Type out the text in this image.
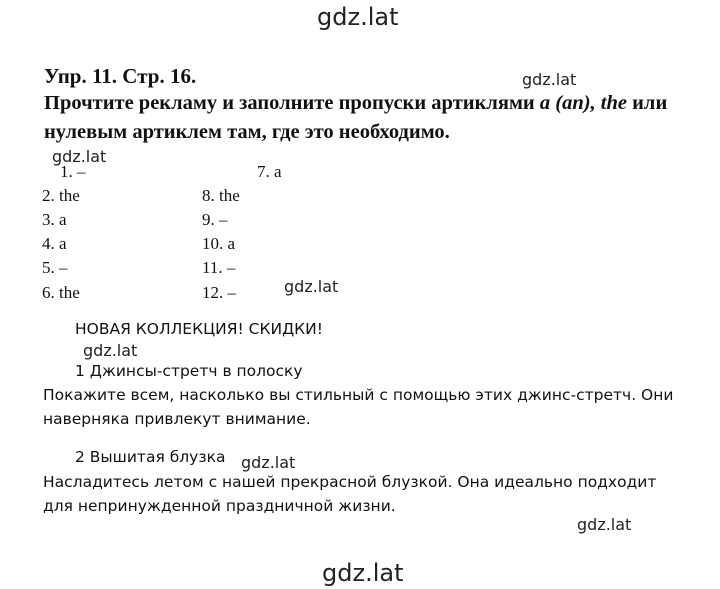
gdz.lat
gdz.lat
gdz.lat
gdz.lat
gdz.lat
gdz.lat
gdz.lat
gdz.lat
Упр. 11. Стр. 16.
Прочтите рекламу и заполните пропуски артиклями a (an), the или нулевым артиклем там, где это необходимо.
1. –
2. the
3. a
4. a
5. –
6. the
7. a
8. the
9. –
10. a
11. –
12. –
НОВАЯ КОЛЛЕКЦИЯ! СКИДКИ!
1 Джинсы-стретч в полоску
Покажите всем, насколько вы стильный с помощью этих джинс-стретч. Они наверняка привлекут внимание.
2 Вышитая блузка
Насладитесь летом с нашей прекрасной блузкой. Она идеально подходит для непринужденной праздничной жизни.
